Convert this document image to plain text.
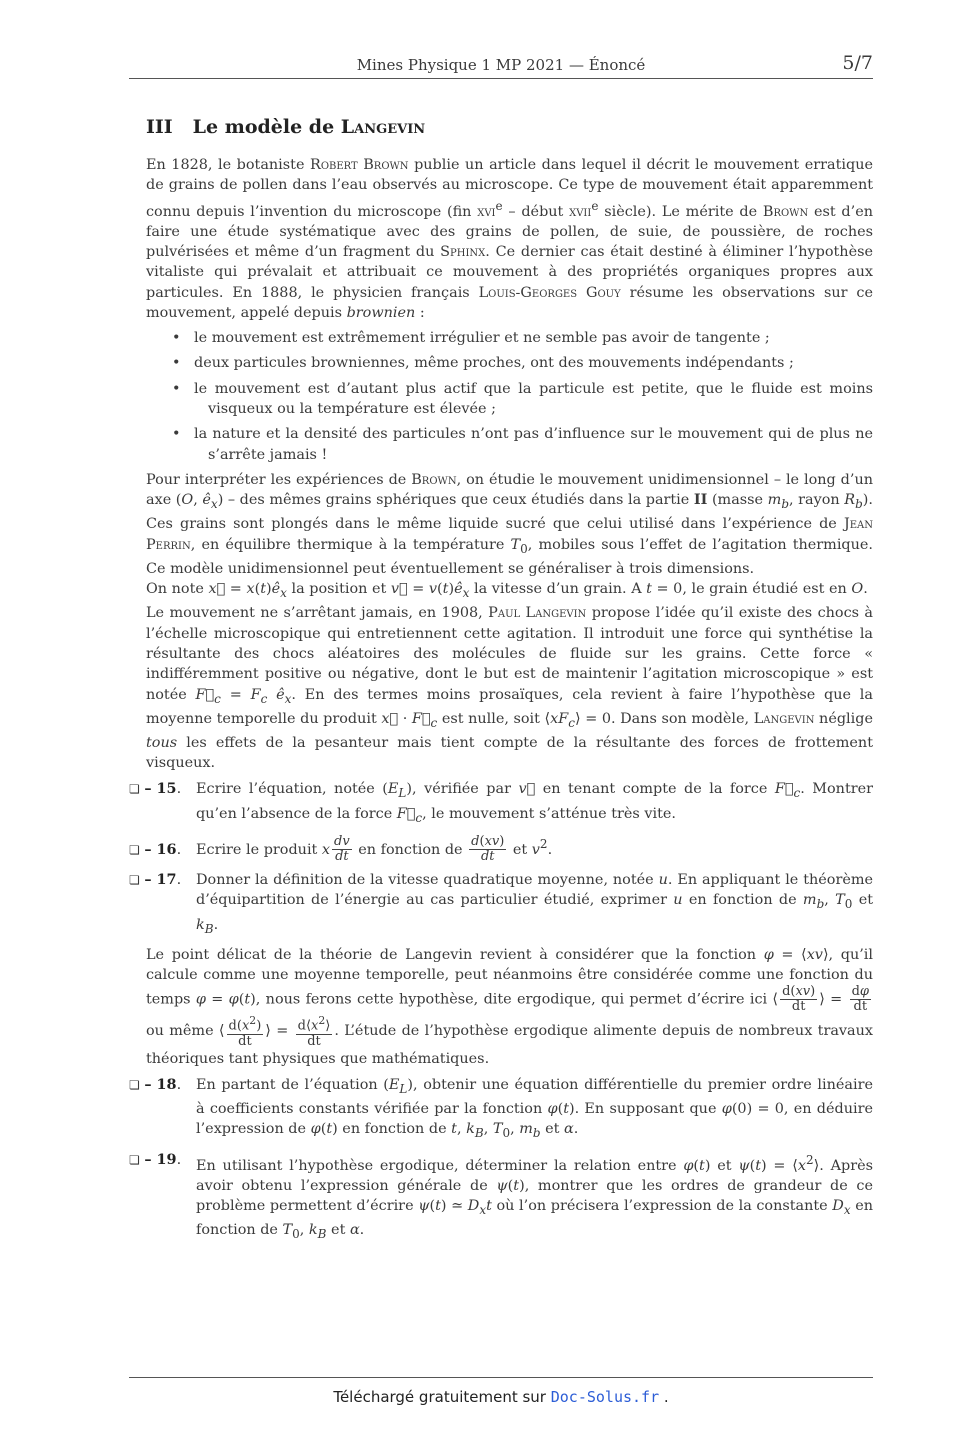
Mines Physique 1 MP 2021 — Énoncé	5/7
III Le modèle de Langevin

En 1828, le botaniste Robert Brown publie un article dans lequel il décrit le mouvement erratique de grains de pollen dans l’eau observés au microscope. Ce type de mouvement était apparemment connu depuis l’invention du microscope (fin xvi$^e$ – début xvii$^e$ siècle). Le mérite de Brown est d’en faire une étude systématique avec des grains de pollen, de suie, de poussière, de roches pulvérisées et même d’un fragment du Sphinx. Ce dernier cas était destiné à éliminer l’hypothèse vitaliste qui prévalait et attribuait ce mouvement à des propriétés organiques propres aux particules. En 1888, le physicien français Louis-Georges Gouy résume les observations sur ce mouvement, appelé depuis brownien :

• le mouvement est extrêmement irrégulier et ne semble pas avoir de tangente ;
• deux particules browniennes, même proches, ont des mouvements indépendants ;
• le mouvement est d’autant plus actif que la particule est petite, que le fluide est moins visqueux ou la température est élevée ;
• la nature et la densité des particules n’ont pas d’influence sur le mouvement qui de plus ne s’arrête jamais !

Pour interpréter les expériences de Brown, on étudie le mouvement unidimensionnel – le long d’un axe (O, $ê_x$) – des mêmes grains sphériques que ceux étudiés dans la partie II (masse $m_b$, rayon $R_b$). Ces grains sont plongés dans le même liquide sucré que celui utilisé dans l’expérience de Jean Perrin, en équilibre thermique à la température $T_0$, mobiles sous l’effet de l’agitation thermique. Ce modèle unidimensionnel peut éventuellement se généraliser à trois dimensions.
On note x⃗ = $x(t)ê_x$ la position et v⃗ = $v(t)ê_x$ la vitesse d’un grain. A t = 0, le grain étudié est en O.
Le mouvement ne s’arrêtant jamais, en 1908, Paul Langevin propose l’idée qu’il existe des chocs à l’échelle microscopique qui entretiennent cette agitation. Il introduit une force qui synthétise la résultante des chocs aléatoires des molécules de fluide sur les grains. Cette force « indifféremment positive ou négative, dont le but est de maintenir l’agitation microscopique » est notée $F⃗_c = F_c$ $ê_x$. En des termes moins prosaïques, cela revient à faire l’hypothèse que la moyenne temporelle du produit x⃗ · $F⃗_c$ est nulle, soit $⟨xF_c⟩ = 0$. Dans son modèle, Langevin néglige tous les effets de la pesanteur mais tient compte de la résultante des forces de frottement visqueux.

❏ – 15. Ecrire l’équation, notée $(E_L)$, vérifiée par v⃗ en tenant compte de la force $F⃗_c$. Montrer qu’en l’absence de la force $F⃗_c$, le mouvement s’atténue très vite.
❏ – 16. Ecrire le produit x $\frac{dv}{dt}$ en fonction de $\frac{d(xv)}{dt}$ et $v^2$.
❏ – 17. Donner la définition de la vitesse quadratique moyenne, notée u. En appliquant le théorème d’équipartition de l’énergie au cas particulier étudié, exprimer u en fonction de $m_b$, $T_0$ et $k_B$.

Le point délicat de la théorie de Langevin revient à considérer que la fonction φ = ⟨xv⟩, qu’il calcule comme une moyenne temporelle, peut néanmoins être considérée comme une fonction du temps φ = φ(t), nous ferons cette hypothèse, dite ergodique, qui permet d’écrire ici ⟨ $\frac{d(xv)}{dt}$ ⟩ = $\frac{d\varphi}{dt}$
ou même ⟨ $\frac{d(x^2)}{dt}$ ⟩ = $\frac{d⟨x^2⟩}{dt}$ . L’étude de l’hypothèse ergodique alimente depuis de nombreux travaux théoriques tant physiques que mathématiques.

❏ – 18. En partant de l’équation $(E_L)$, obtenir une équation différentielle du premier ordre linéaire à coefficients constants vérifiée par la fonction φ(t). En supposant que φ(0) = 0, en déduire l’expression de φ(t) en fonction de t, $k_B$, $T_0$, $m_b$ et α.
❏ – 19. En utilisant l’hypothèse ergodique, déterminer la relation entre φ(t) et $\psi(t) = ⟨x^2⟩$. Après avoir obtenu l’expression générale de ψ(t), montrer que les ordres de grandeur de ce problème permettent d’écrire ψ(t) ≃ $D_xt$ où l’on précisera l’expression de la constante $D_x$ en fonction de $T_0$, $k_B$ et α.
Téléchargé gratuitement sur Doc-Solus.fr .
